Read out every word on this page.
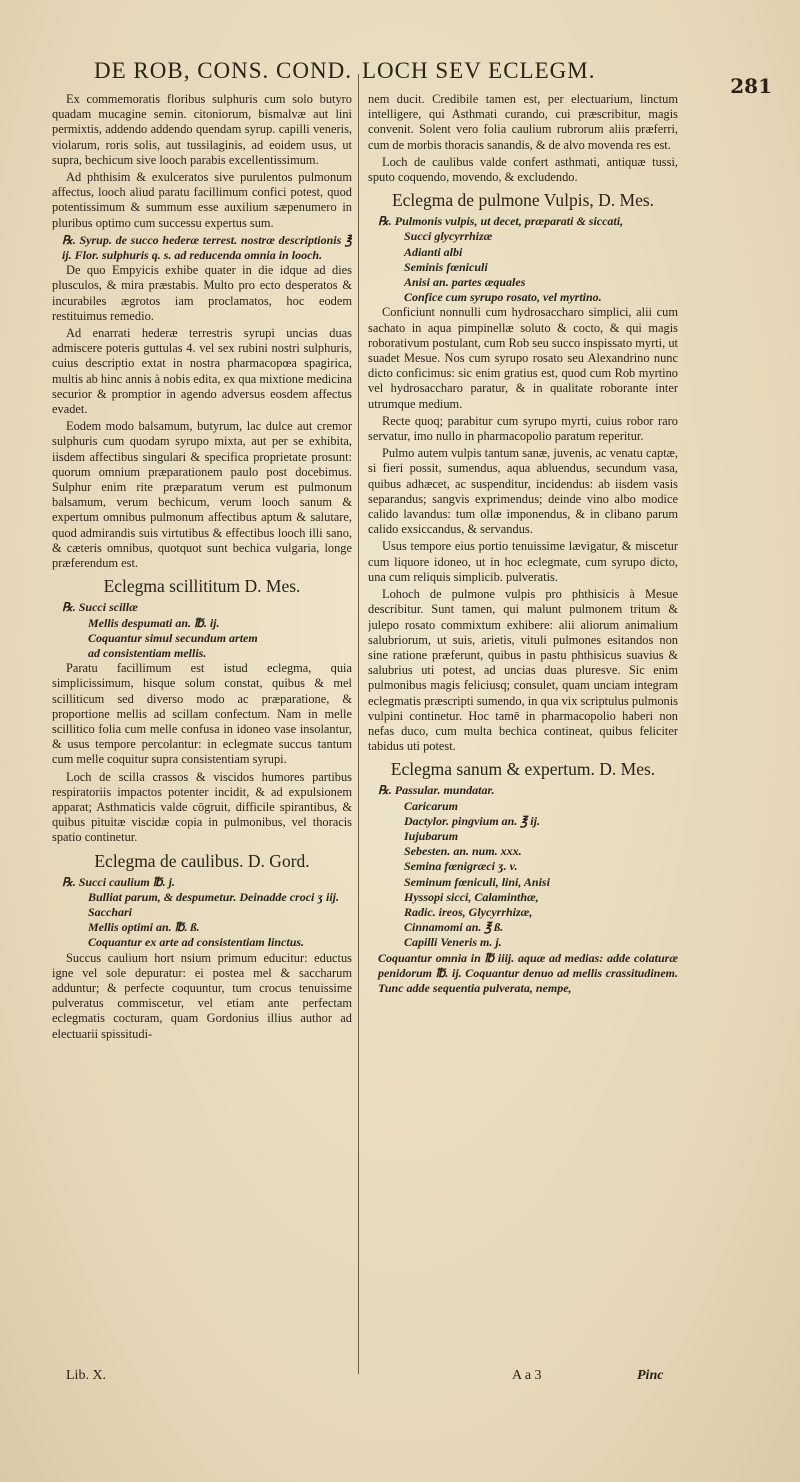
DE ROB, CONS. COND. LOCH SEV ECLEGM.
281

Ex commemoratis floribus sulphuris cum solo butyro quadam mucagine semin. citoniorum, bismalvæ aut lini permixtis, addendo addendo quendam syrup. capilli veneris, violarum, roris solis, aut tussilaginis, ad eoidem usus, ut supra, bechicum sive looch parabis excellentissimum.

Ad phthisim & exulceratos sive purulentos pulmonum affectus, looch aliud paratu facillimum confici potest, quod potentissimum & summum esse auxilium sæpenumero in pluribus optimo cum successu expertus sum.

℞. Syrup. de succo hederæ terrest. nostræ descriptionis ℥ ij. Flor. sulphuris q. s. ad reducenda omnia in looch.

De quo Empyicis exhibe quater in die idque ad dies plusculos, & mira præstabis. Multo pro ecto desperatos & incurabiles ægrotos iam proclamatos, hoc eodem restituimus remedio.

Ad enarrati hederæ terrestris syrupi uncias duas admiscere poteris guttulas 4. vel sex rubini nostri sulphuris, cuius descriptio extat in nostra pharmacopœa spagirica, multis ab hinc annis à nobis edita, ex qua mixtione medicina securior & promptior in agendo adversus eosdem affectus evadet.

Eodem modo balsamum, butyrum, lac dulce aut cremor sulphuris cum quodam syrupo mixta, aut per se exhibita, iisdem affectibus singulari & specifica proprietate prosunt: quorum omnium præparationem paulo post docebimus. Sulphur enim rite præparatum verum est pulmonum balsamum, verum bechicum, verum looch sanum & expertum omnibus pulmonum affectibus aptum & salutare, quod admirandis suis virtutibus & effectibus looch illi sano, & cæteris omnibus, quotquot sunt bechica vulgaria, longe præferendum est.

Eclegma scillititum D. Mes.
℞. Succi scillæ
Mellis despumati an. ℔. ij.
Coquantur simul secundum artem
ad consistentiam mellis.

Paratu facillimum est istud eclegma, quia simplicissimum, hisque solum constat, quibus & mel scilliticum sed diverso modo ac præparatione, & proportione mellis ad scillam confectum. Nam in melle scillitico folia cum melle confusa in idoneo vase insolantur, & usus tempore percolantur: in eclegmate succus tantum cum melle coquitur supra consistentiam syrupi.

Loch de scilla crassos & viscidos humores partibus respiratoriis impactos potenter incidit, & ad expulsionem apparat; Asthmaticis valde cōgruit, difficile spirantibus, & quibus pituitæ viscidæ copia in pulmonibus, vel thoracis spatio continetur.

Eclegma de caulibus. D. Gord.
℞. Succi caulium ℔. j.
Bulliat parum, & despumetur. Deinadde croci ʒ iij.
Sacchari
Mellis optimi an. ℔. ß.
Coquantur ex arte ad consistentiam linctus.

Succus caulium hort nsium primum educitur: eductus igne vel sole depuratur: ei postea mel & saccharum adduntur; & perfecte coquuntur, tum crocus tenuissime pulveratus commiscetur, vel etiam ante perfectam eclegmatis cocturam, quam Gordonius illius author ad electuarii spissitudi-

nem ducit. Credibile tamen est, per electuarium, linctum intelligere, qui Asthmati curando, cui præscribitur, magis convenit. Solent vero folia caulium rubrorum aliis præferri, cum de morbis thoracis sanandis, & de alvo movenda res est.

Loch de caulibus valde confert asthmati, antiquæ tussi, sputo coquendo, movendo, & excludendo.

Eclegma de pulmone Vulpis, D. Mes.
℞. Pulmonis vulpis, ut decet, præparati & siccati,
Succi glycyrrhizæ
Adianti albi
Seminis fœniculi
Anisi an. partes æquales
Confice cum syrupo rosato, vel myrtino.

Conficiunt nonnulli cum hydrosaccharo simplici, alii cum sachato in aqua pimpinellæ soluto & cocto, & qui magis roborativum postulant, cum Rob seu succo inspissato myrti, ut suadet Mesue. Nos cum syrupo rosato seu Alexandrino nunc dicto conficimus: sic enim gratius est, quod cum Rob myrtino vel hydrosaccharo paratur, & in qualitate roborante inter utrumque medium.

Recte quoq; parabitur cum syrupo myrti, cuius robor raro servatur, imo nullo in pharmacopolio paratum reperitur.

Pulmo autem vulpis tantum sanæ, juvenis, ac venatu captæ, si fieri possit, sumendus, aqua abluendus, secundum vasa, quibus adhæcet, ac suspenditur, incidendus: ab iisdem vasis separandus; sangvis exprimendus; deinde vino albo modice calido lavandus: tum ollæ imponendus, & in clibano parum calido exsiccandus, & servandus.

Usus tempore eius portio tenuissime lævigatur, & miscetur cum liquore idoneo, ut in hoc eclegmate, cum syrupo dicto, una cum reliquis simplicib. pulveratis.

Lohoch de pulmone vulpis pro phthisicis à Mesue describitur. Sunt tamen, qui malunt pulmonem tritum & julepo rosato commixtum exhibere: alii aliorum animalium salubriorum, ut suis, arietis, vituli pulmones esitandos non sine ratione præferunt, quibus in pastu phthisicus suavius & salubrius uti potest, ad uncias duas pluresve. Sic enim pulmonibus magis feliciusq; consulet, quam unciam integram eclegmatis præscripti sumendo, in qua vix scriptulus pulmonis vulpini continetur. Hoc tamē in pharmacopolio haberi non nefas duco, cum multa bechica contineat, quibus feliciter tabidus uti potest.

Eclegma sanum & expertum. D. Mes.
℞. Passular. mundatar.
Caricarum
Dactylor. pingvium an. ℥ ij.
Iujubarum
Sebesten. an. num. xxx.
Semina fœnigræci ʒ. v.
Seminum fœniculi, lini, Anisi
Hyssopi sicci, Calaminthæ,
Radic. ireos, Glycyrrhizæ,
Cinnamomi an. ℥ ß.
Capilli Veneris m. j.
Coquantur omnia in ℔ iiij. aquæ ad medias: adde colaturæ penidorum ℔. ij. Coquantur denuo ad mellis crassitudinem. Tunc adde sequentia pulverata, nempe,
Lib. X.	A a 3	Pinc
